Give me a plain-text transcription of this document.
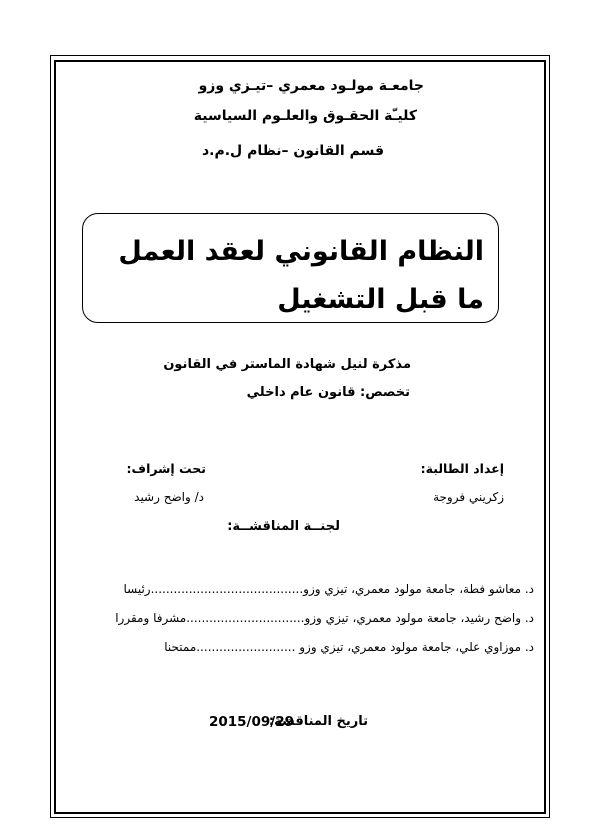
جامعـة مولـود معمري –تيـزي وزو
كليـّة الحقـوق والعلـوم السياسية
قسم القانون –نظام ل.م.د
النظام القانوني لعقد العمل ما قبل التشغيل
مذكرة لنيل شهادة الماستر في القانون
تخصص: قانون عام داخلي
إعداد الطالبة:
تحت إشراف:
زكريني فروجة
د/ واضح رشيد
لجنــة المناقشــة:
د. معاشو فطة، جامعة مولود معمري، تيزي وزو........................................رئيسا
د. واضح رشيد، جامعة مولود معمري، تيزي وزو...............................مشرفا ومقررا
د. موزاوي علي، جامعة مولود معمري، تيزي وزو ..........................ممتحنا
تاريخ المناقشة:
2015/09/29
